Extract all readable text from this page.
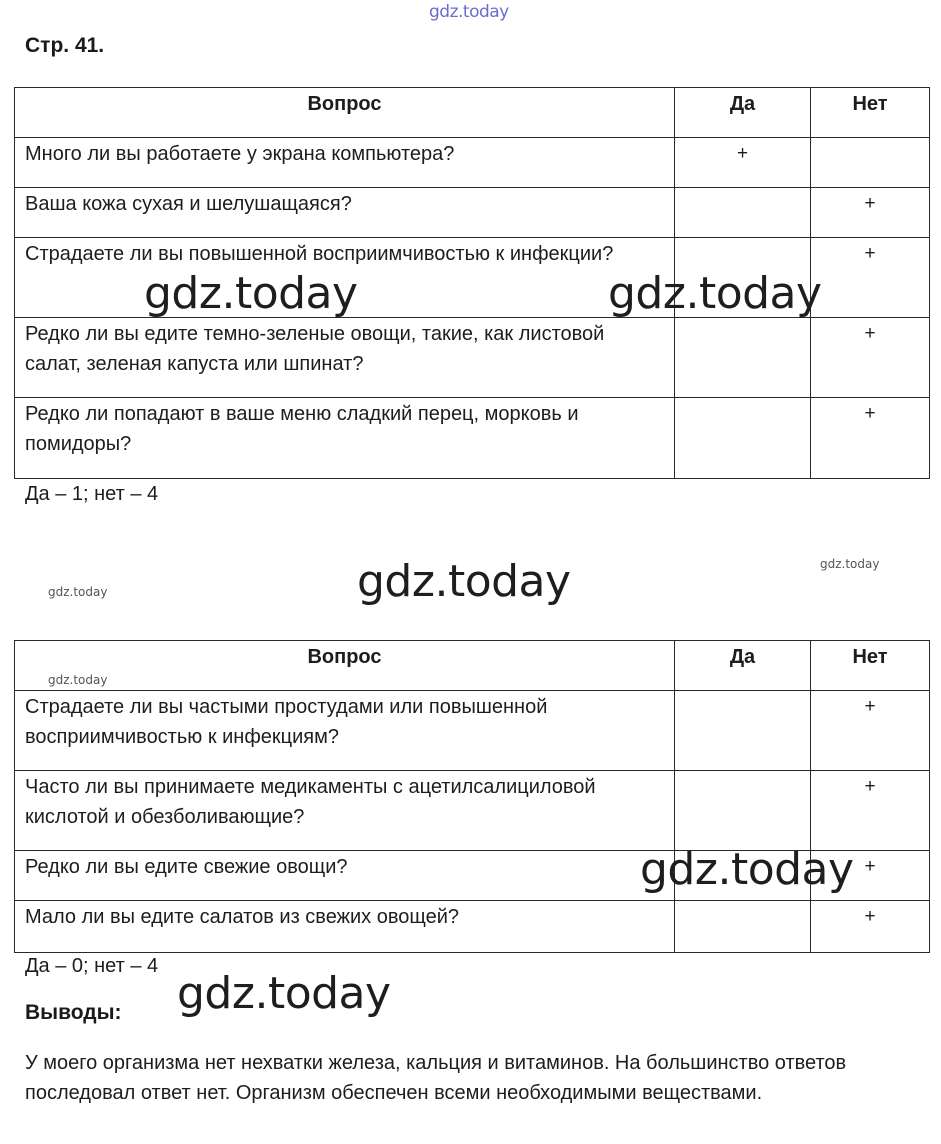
gdz.today
Стр. 41.
Вопрос	Да	Нет
Много ли вы работаете у экрана компьютера?	+	
Ваша кожа сухая и шелушащаяся?		+
Страдаете ли вы повышенной восприимчивостью к инфекции?		+
Редко ли вы едите темно-зеленые овощи, такие, как листовой салат, зеленая капуста или шпинат?		+
Редко ли попадают в ваше меню сладкий перец, морковь и помидоры?		+
Да – 1; нет – 4
Вопрос	Да	Нет
Страдаете ли вы частыми простудами или повышенной восприимчивостью к инфекциям?		+
Часто ли вы принимаете медикаменты с ацетилсалициловой кислотой и обезболивающие?		+
Редко ли вы едите свежие овощи?		+
Мало ли вы едите салатов из свежих овощей?		+
Да – 0; нет – 4
Выводы:
У моего организма нет нехватки железа, кальция и витаминов. На большинство ответов последовал ответ нет. Организм обеспечен всеми необходимыми веществами.
gdz.today	gdz.today
gdz.today
gdz.today
gdz.today
gdz.today
gdz.today
gdz.today
